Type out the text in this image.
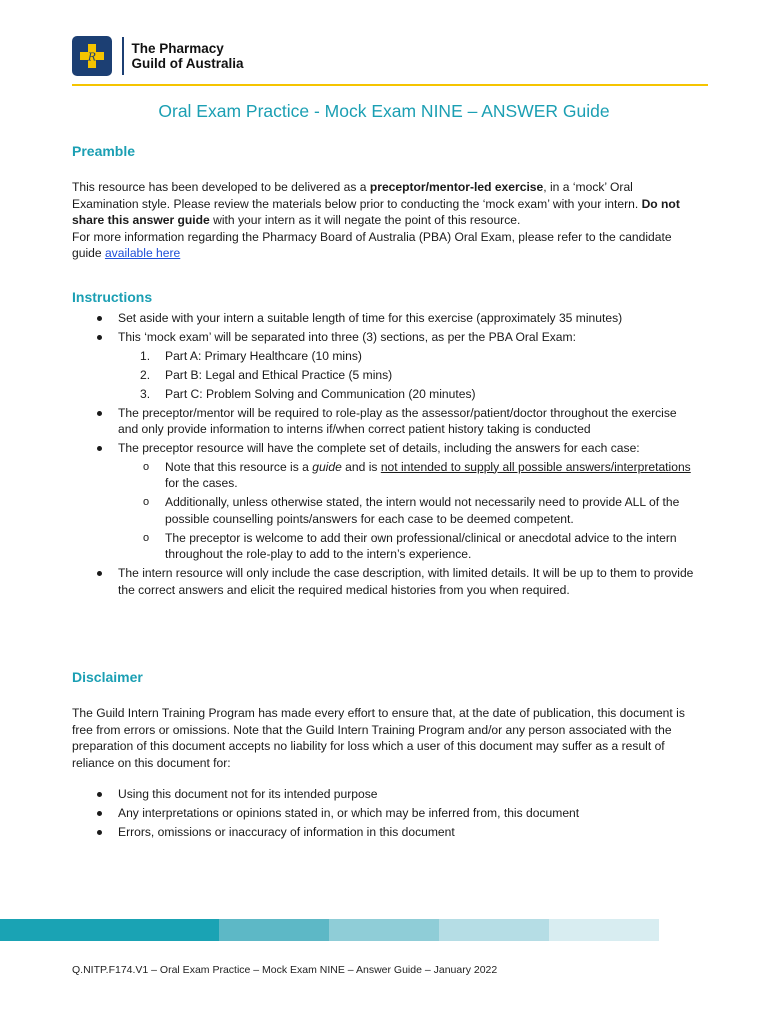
R
The Pharmacy
Guild of Australia
Oral Exam Practice - Mock Exam NINE – ANSWER Guide
Preamble

This resource has been developed to be delivered as a preceptor/mentor-led exercise, in a ‘mock’ Oral Examination style. Please review the materials below prior to conducting the ‘mock exam’ with your intern. Do not share this answer guide with your intern as it will negate the point of this resource.

For more information regarding the Pharmacy Board of Australia (PBA) Oral Exam, please refer to the candidate guide available here

Instructions
Set aside with your intern a suitable length of time for this exercise (approximately 35 minutes)
This ‘mock exam’ will be separated into three (3) sections, as per the PBA Oral Exam:
1. Part A: Primary Healthcare (10 mins)
2. Part B: Legal and Ethical Practice (5 mins)
3. Part C: Problem Solving and Communication (20 minutes)
The preceptor/mentor will be required to role-play as the assessor/patient/doctor throughout the exercise and only provide information to interns if/when correct patient history taking is conducted
The preceptor resource will have the complete set of details, including the answers for each case:
o Note that this resource is a guide and is not intended to supply all possible answers/interpretations for the cases.
o Additionally, unless otherwise stated, the intern would not necessarily need to provide ALL of the possible counselling points/answers for each case to be deemed competent.
o The preceptor is welcome to add their own professional/clinical or anecdotal advice to the intern throughout the role-play to add to the intern’s experience.
The intern resource will only include the case description, with limited details. It will be up to them to provide the correct answers and elicit the required medical histories from you when required.
Disclaimer

The Guild Intern Training Program has made every effort to ensure that, at the date of publication, this document is free from errors or omissions. Note that the Guild Intern Training Program and/or any person associated with the preparation of this document accepts no liability for loss which a user of this document may suffer as a result of reliance on this document for:

Using this document not for its intended purpose
Any interpretations or opinions stated in, or which may be inferred from, this document
Errors, omissions or inaccuracy of information in this document
Q.NITP.F174.V1 – Oral Exam Practice – Mock Exam NINE – Answer Guide – January 2022
